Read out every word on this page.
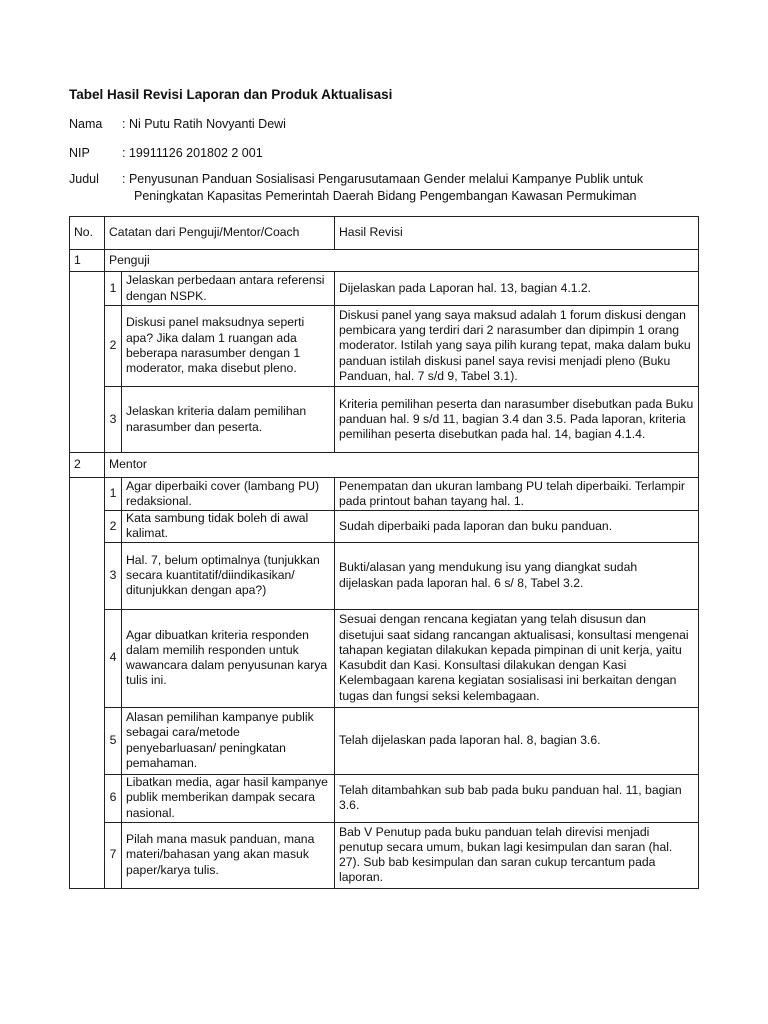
Tabel Hasil Revisi Laporan dan Produk Aktualisasi
Nama	: Ni Putu Ratih Novyanti Dewi
NIP	: 19911126 201802 2 001
Judul	: Penyusunan Panduan Sosialisasi Pengarusutamaan Gender melalui Kampanye Publik untuk
Peningkatan Kapasitas Pemerintah Daerah Bidang Pengembangan Kawasan Permukiman
No.	Catatan dari Penguji/Mentor/Coach		Hasil Revisi
1	Penguji		
	1	Jelaskan perbedaan antara referensi dengan NSPK.	Dijelaskan pada Laporan hal. 13, bagian 4.1.2.
	2	Diskusi panel maksudnya seperti apa? Jika dalam 1 ruangan ada beberapa narasumber dengan 1 moderator, maka disebut pleno.	Diskusi panel yang saya maksud adalah 1 forum diskusi dengan pembicara yang terdiri dari 2 narasumber dan dipimpin 1 orang moderator. Istilah yang saya pilih kurang tepat, maka dalam buku panduan istilah diskusi panel saya revisi menjadi pleno (Buku Panduan, hal. 7 s/d 9, Tabel 3.1).
	3	Jelaskan kriteria dalam pemilihan narasumber dan peserta.	Kriteria pemilihan peserta dan narasumber disebutkan pada Buku panduan hal. 9 s/d 11, bagian 3.4 dan 3.5. Pada laporan, kriteria pemilihan peserta disebutkan pada hal. 14, bagian 4.1.4.
2	Mentor		
	1	Agar diperbaiki cover (lambang PU) redaksional.	Penempatan dan ukuran lambang PU telah diperbaiki. Terlampir pada printout bahan tayang hal. 1.
	2	Kata sambung tidak boleh di awal kalimat.	Sudah diperbaiki pada laporan dan buku panduan.
	3	Hal. 7, belum optimalnya (tunjukkan secara kuantitatif/diindikasikan/ ditunjukkan dengan apa?)	Bukti/alasan yang mendukung isu yang diangkat sudah dijelaskan pada laporan hal. 6 s/ 8, Tabel 3.2.
	4	Agar dibuatkan kriteria responden dalam memilih responden untuk wawancara dalam penyusunan karya tulis ini.	Sesuai dengan rencana kegiatan yang telah disusun dan disetujui saat sidang rancangan aktualisasi, konsultasi mengenai tahapan kegiatan dilakukan kepada pimpinan di unit kerja, yaitu Kasubdit dan Kasi. Konsultasi dilakukan dengan Kasi Kelembagaan karena kegiatan sosialisasi ini berkaitan dengan tugas dan fungsi seksi kelembagaan.
	5	Alasan pemilihan kampanye publik sebagai cara/metode penyebarluasan/ peningkatan pemahaman.	Telah dijelaskan pada laporan hal. 8, bagian 3.6.
	6	Libatkan media, agar hasil kampanye publik memberikan dampak secara nasional.	Telah ditambahkan sub bab pada buku panduan hal. 11, bagian 3.6.
	7	Pilah mana masuk panduan, mana materi/bahasan yang akan masuk paper/karya tulis.	Bab V Penutup pada buku panduan telah direvisi menjadi penutup secara umum, bukan lagi kesimpulan dan saran (hal. 27). Sub bab kesimpulan dan saran cukup tercantum pada laporan.
